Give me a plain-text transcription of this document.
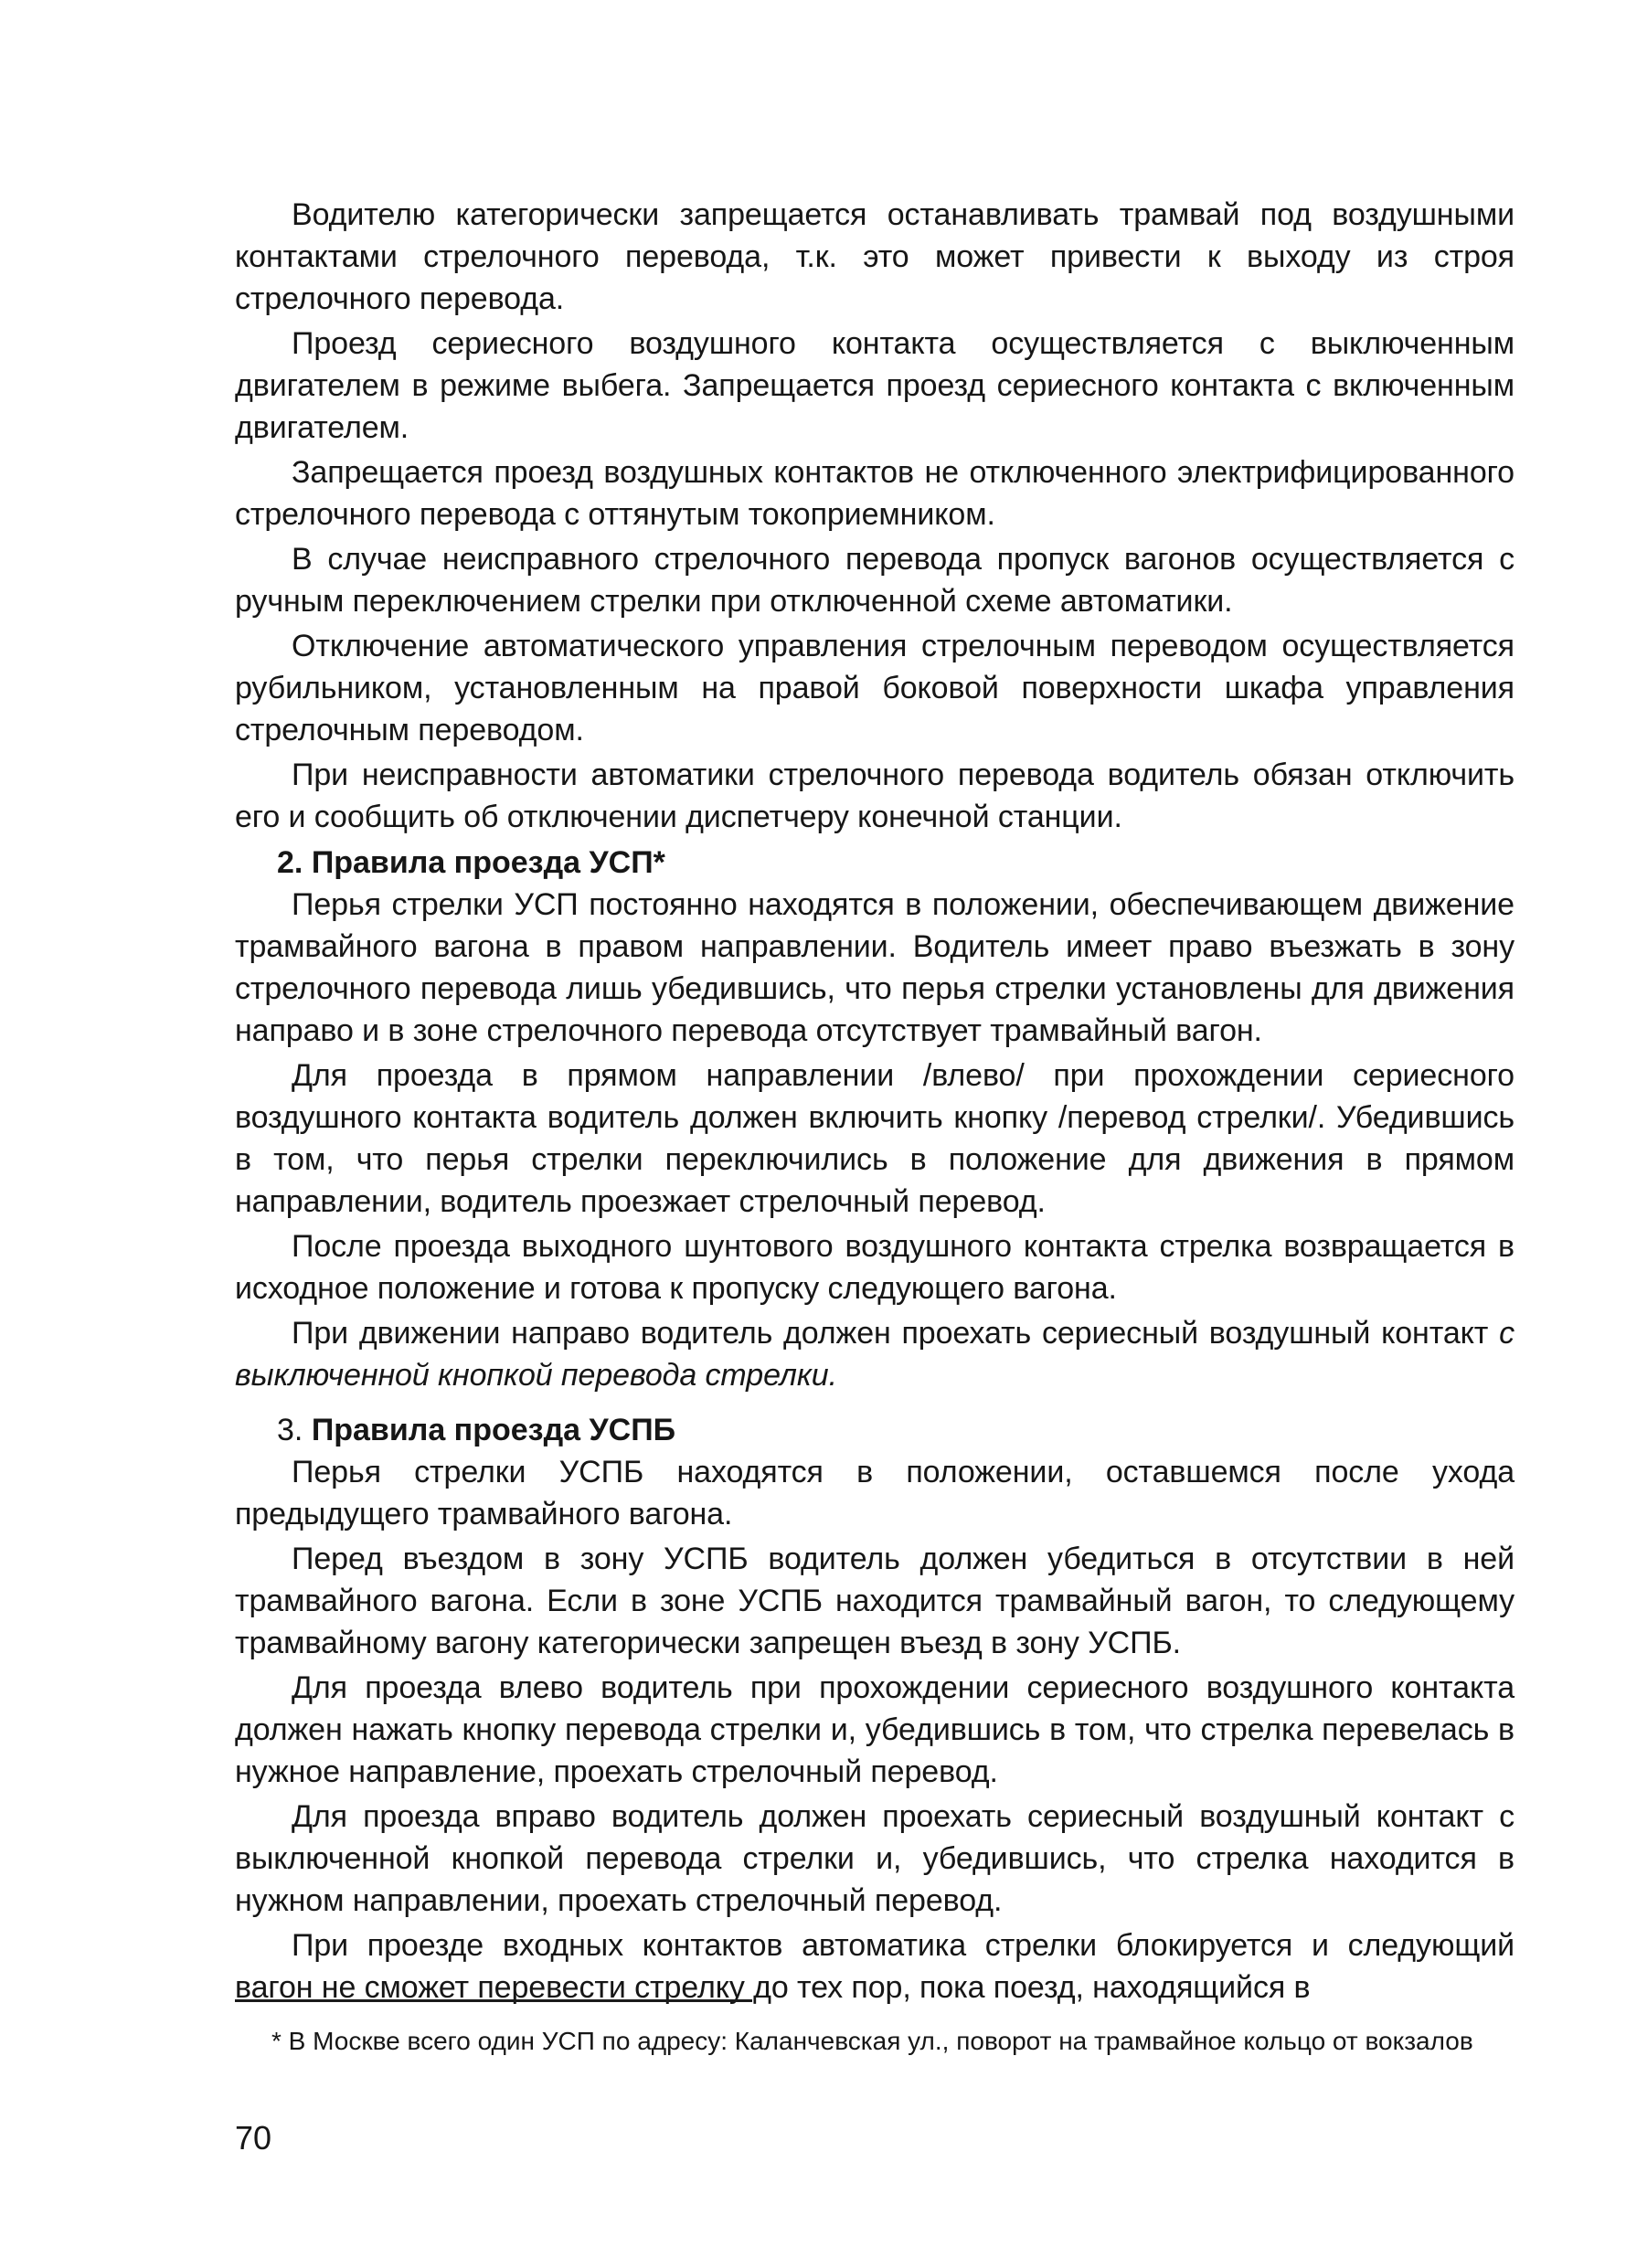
Водителю категорически запрещается останавливать трамвай под воздушными контактами стрелочного перевода, т.к. это может привести к выходу из строя стрелочного перевода.

Проезд сериесного воздушного контакта осуществляется с выключенным двигателем в режиме выбега. Запрещается проезд сериесного контакта с включенным двигателем.

Запрещается проезд воздушных контактов не отключенного электрифицированного стрелочного перевода с оттянутым токоприемником.

В случае неисправного стрелочного перевода пропуск вагонов осуществляется с ручным переключением стрелки при отключенной схеме автоматики.

Отключение автоматического управления стрелочным переводом осуществляется рубильником, установленным на правой боковой поверхности шкафа управления стрелочным переводом.

При неисправности автоматики стрелочного перевода водитель обязан отключить его и сообщить об отключении диспетчеру конечной станции.

2. Правила проезда УСП*

Перья стрелки УСП постоянно находятся в положении, обеспечивающем движение трамвайного вагона в правом направлении. Водитель имеет право въезжать в зону стрелочного перевода лишь убедившись, что перья стрелки установлены для движения направо и в зоне стрелочного перевода отсутствует трамвайный вагон.

Для проезда в прямом направлении /влево/ при прохождении сериесного воздушного контакта водитель должен включить кнопку /перевод стрелки/. Убедившись в том, что перья стрелки переключились в положение для движения в прямом направлении, водитель проезжает стрелочный перевод.

После проезда выходного шунтового воздушного контакта стрелка возвращается в исходное положение и готова к пропуску следующего вагона.

При движении направо водитель должен проехать сериесный воздушный контакт с выключенной кнопкой перевода стрелки.

3. Правила проезда УСПБ

Перья стрелки УСПБ находятся в положении, оставшемся после ухода предыдущего трамвайного вагона.

Перед въездом в зону УСПБ водитель должен убедиться в отсутствии в ней трамвайного вагона. Если в зоне УСПБ находится трамвайный вагон, то следующему трамвайному вагону категорически запрещен въезд в зону УСПБ.

Для проезда влево водитель при прохождении сериесного воздушного контакта должен нажать кнопку перевода стрелки и, убедившись в том, что стрелка перевелась в нужное направление, проехать стрелочный перевод.

Для проезда вправо водитель должен проехать сериесный воздушный контакт с выключенной кнопкой перевода стрелки и, убедившись, что стрелка находится в нужном направлении, проехать стрелочный перевод.

При проезде входных контактов автоматика стрелки блокируется и следующий вагон не сможет перевести стрелку до тех пор, пока поезд, находящийся в

* В Москве всего один УСП по адресу: Каланчевская ул., поворот на трамвайное кольцо от вокзалов

70
